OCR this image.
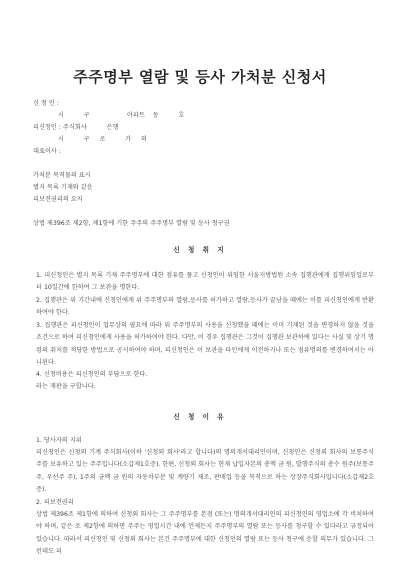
주주명부 열람 및 등사 가처분 신청서
신 청 인 :
시          구                   아파트    동          호
피신청인 : 주식회사          은행
시          구     로          가     의
대표이사 :
가처분 목적물의 표시
별지 목록 기재와 같음
피보전권리의 요지
상법 제396조 제2항, 제1항에 기한 주주의 주주명부 열람 및 등사 청구권
신 청 취 지
1. 피신청인은 별지 목록 기재 주주명부에 대한 점유를 풀고 신청인이 위임한 서울지방법원 소속 집행관에게 집행위임일로부터 10일간에 한하여 그 보관을 명한다.
2. 집행관은 위 기간내에 신청인에게 위 주주명부의 열람,등사를 허가하고 열람,등사가 끝남을 때에는 이를 피신청인에게 반환하여야 한다.
3. 집행관은 피신청인이 업무상의 필요에 따라 위 주주명부의 사용을 신청했을 때에는 이미 기재된 것을 변경하지 않을 것을 조건으로 하여 피신청인에게 사용을 허가하여야 한다. 다만, 이 경우 집행관은 그것이 집행관 보관하에 있다는 사실 및 상기 명령의 취지를 적당한 방법으로 공시하여야 하며, 피신청인은 이 보관을 타인에게 이전하거나 또는 점유명의를 변경하여서는 아니된다.
4. 신청비용은 피신청인의 부담으로 한다.
라는 재판을 구합니다.
신 청 이 유
1. 당사자의 지위
피신청인은 신청외 기계 주식회사(이하 '신청외 회사'라고 합니다)의 명의개서대리인이며, 신청인은 신청외 회사의 보통주식 주를 보유하고 있는 주주입니다(소갑제1호증). 한편, 신청외 회사는 현재 납입자본의 총액 금 원, 발행주식의 총수 원주(보통주 주, 우선주 주), 1주의 금액 금 원의 자동차부분 및 계량기 제조, 판매업 등을 목적으로 하는 상장주식회사입니다(소갑제2호증).
2. 피보전권리
상법 제396조 제1항에 의하여 신청외 회사는 그 주주명부를 본점 (또는) 명의개서대리인의 피신청인의 영업소에 각 비치하여야 하며, 같은 조 제2항에 의하면 주주는 영업시간 내에 언제든지 주주명부의 열람 또는 등사를 청구할 수 있다라고 규정되어 있습니다. 따라서 피신청인 및 신청외 회사는 본건 주주명부에 대한 신청인의 열람 또는 등사 청구에 응할 의무가 있습니다. 그런데도 피
